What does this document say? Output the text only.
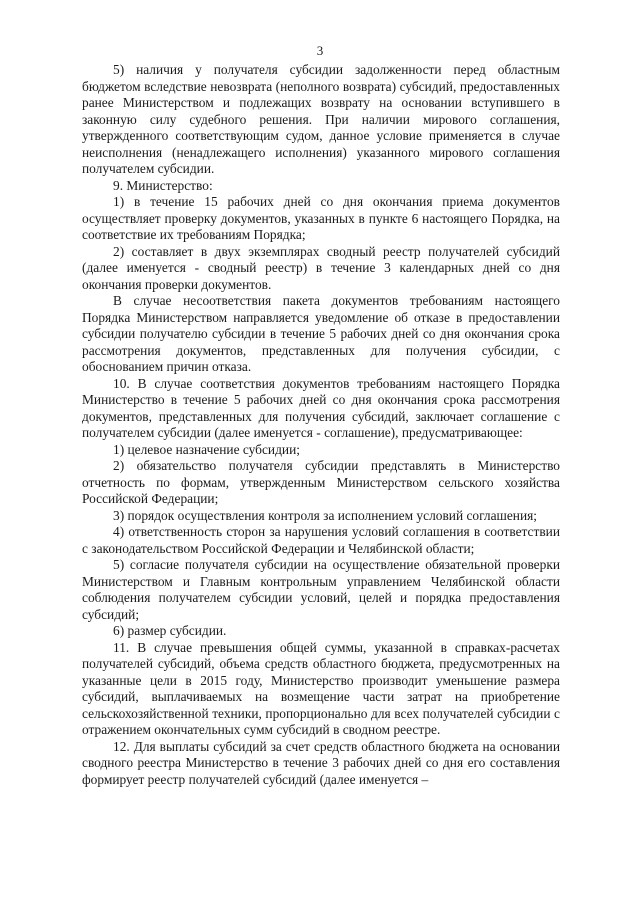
3

5) наличия у получателя субсидии задолженности перед областным бюджетом вследствие невозврата (неполного возврата) субсидий, предоставленных ранее Министерством и подлежащих возврату на основании вступившего в законную силу судебного решения. При наличии мирового соглашения, утвержденного соответствующим судом, данное условие применяется в случае неисполнения (ненадлежащего исполнения) указанного мирового соглашения получателем субсидии.

9. Министерство:

1) в течение 15 рабочих дней со дня окончания приема документов осуществляет проверку документов, указанных в пункте 6 настоящего Порядка, на соответствие их требованиям Порядка;

2) составляет в двух экземплярах сводный реестр получателей субсидий (далее именуется - сводный реестр) в течение 3 календарных дней со дня окончания проверки документов.

В случае несоответствия пакета документов требованиям настоящего Порядка Министерством направляется уведомление об отказе в предоставлении субсидии получателю субсидии в течение 5 рабочих дней со дня окончания срока рассмотрения документов, представленных для получения субсидии, с обоснованием причин отказа.

10. В случае соответствия документов требованиям настоящего Порядка Министерство в течение 5 рабочих дней со дня окончания срока рассмотрения документов, представленных для получения субсидий, заключает соглашение с получателем субсидии (далее именуется - соглашение), предусматривающее:

1) целевое назначение субсидии;

2) обязательство получателя субсидии представлять в Министерство отчетность по формам, утвержденным Министерством сельского хозяйства Российской Федерации;

3) порядок осуществления контроля за исполнением условий соглашения;

4) ответственность сторон за нарушения условий соглашения в соответствии с законодательством Российской Федерации и Челябинской области;

5) согласие получателя субсидии на осуществление обязательной проверки Министерством и Главным контрольным управлением Челябинской области соблюдения получателем субсидии условий, целей и порядка предоставления субсидий;

6) размер субсидии.

11. В случае превышения общей суммы, указанной в справках-расчетах получателей субсидий, объема средств областного бюджета, предусмотренных на указанные цели в 2015 году, Министерство производит уменьшение размера субсидий, выплачиваемых на возмещение части затрат на приобретение сельскохозяйственной техники, пропорционально для всех получателей субсидии с отражением окончательных сумм субсидий в сводном реестре.

12. Для выплаты субсидий за счет средств областного бюджета на основании сводного реестра Министерство в течение 3 рабочих дней со дня его составления формирует реестр получателей субсидий (далее именуется –
